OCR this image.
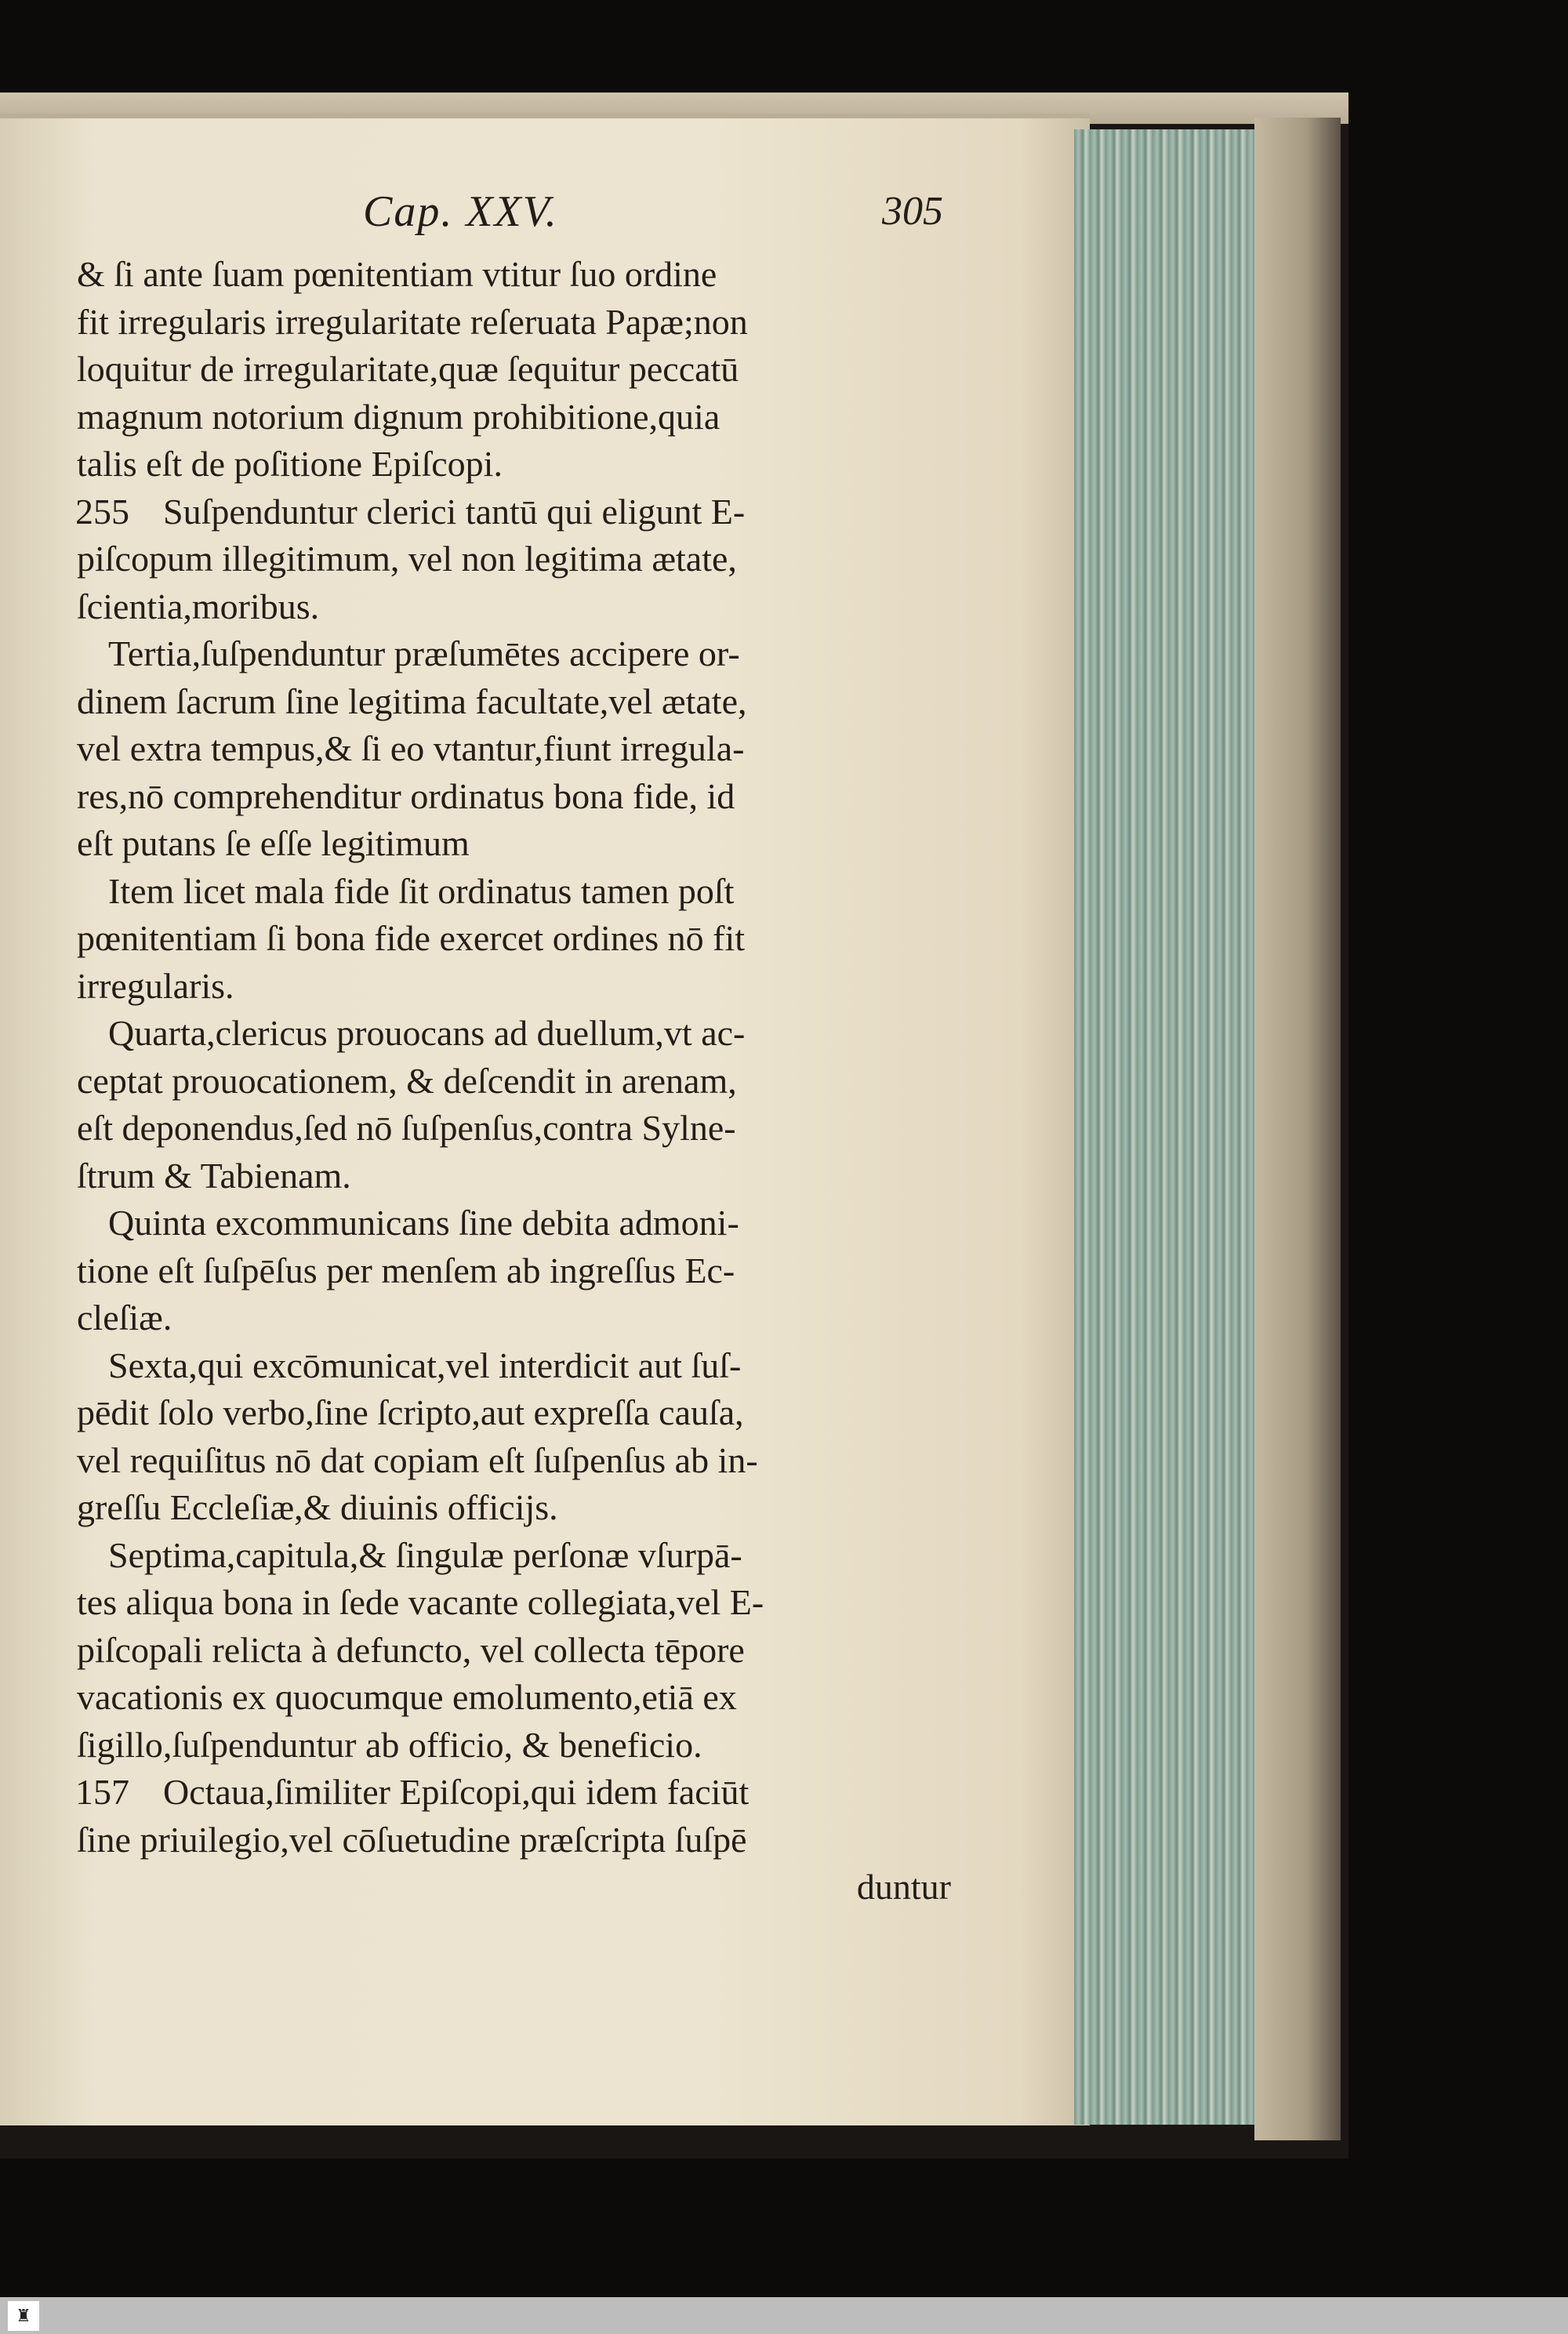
Cap. XXV.	305
& ſi ante ſuam pœnitentiam vtitur ſuo ordine
fit irregularis irregularitate reſeruata Papæ;non
loquitur de irregularitate,quæ ſequitur peccatū
magnum notorium dignum prohibitione,quia
talis eſt de poſitione Epiſcopi.
255 Suſpenduntur clerici tantū qui eligunt E-
piſcopum illegitimum, vel non legitima ætate,
ſcientia,moribus.
Tertia,ſuſpenduntur præſumētes accipere or-
dinem ſacrum ſine legitima facultate,vel ætate,
vel extra tempus,& ſi eo vtantur,fiunt irregula-
res,nō comprehenditur ordinatus bona fide, id
eſt putans ſe eſſe legitimum
Item licet mala fide ſit ordinatus tamen poſt
pœnitentiam ſi bona fide exercet ordines nō fit
irregularis.
Quarta,clericus prouocans ad duellum,vt ac-
ceptat prouocationem, & deſcendit in arenam,
eſt deponendus,ſed nō ſuſpenſus,contra Sylne-
ſtrum & Tabienam.
Quinta excommunicans ſine debita admoni-
tione eſt ſuſpēſus per menſem ab ingreſſus Ec-
cleſiæ.
Sexta,qui excōmunicat,vel interdicit aut ſuſ-
pēdit ſolo verbo,ſine ſcripto,aut expreſſa cauſa,
vel requiſitus nō dat copiam eſt ſuſpenſus ab in-
greſſu Eccleſiæ,& diuinis officijs.
Septima,capitula,& ſingulæ perſonæ vſurpā-
tes aliqua bona in ſede vacante collegiata,vel E-
piſcopali relicta à defuncto, vel collecta tēpore
vacationis ex quocumque emolumento,etiā ex
ſigillo,ſuſpenduntur ab officio, & beneficio.
157 Octaua,ſimiliter Epiſcopi,qui idem faciūt
ſine priuilegio,vel cōſuetudine præſcripta ſuſpē
duntur
♜
